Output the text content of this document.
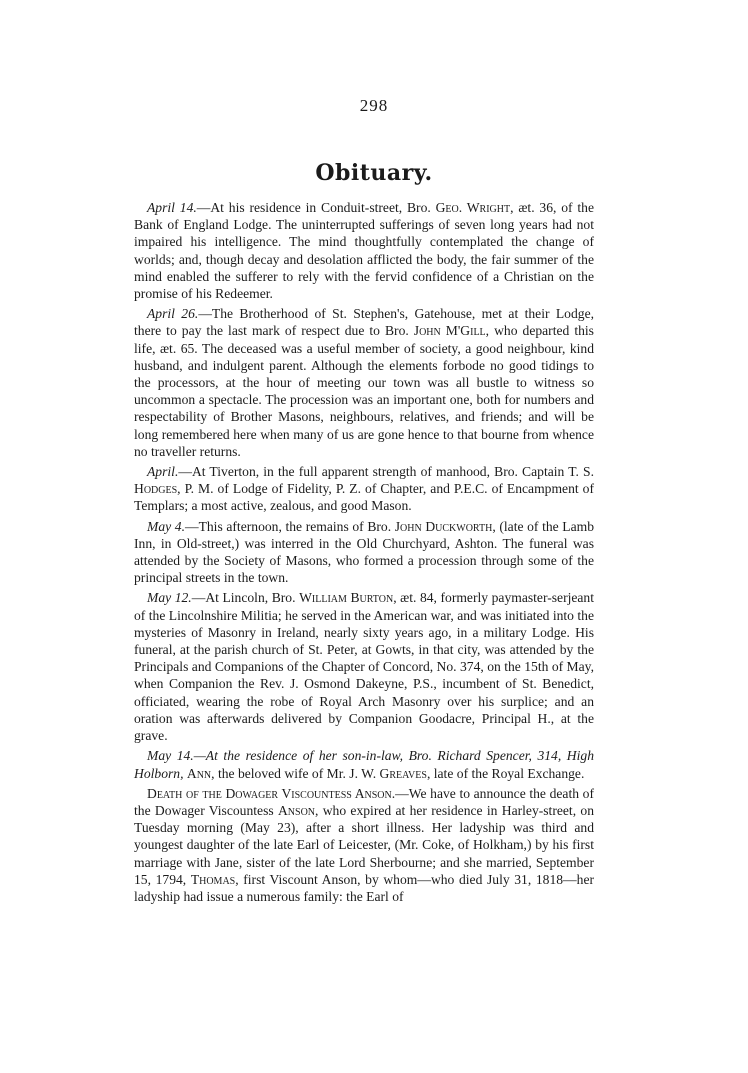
298
Obituary.

April 14.—At his residence in Conduit-street, Bro. Geo. Wright, æt. 36, of the Bank of England Lodge. The uninterrupted sufferings of seven long years had not impaired his intelligence. The mind thoughtfully contemplated the change of worlds; and, though decay and desolation afflicted the body, the fair summer of the mind enabled the sufferer to rely with the fervid confidence of a Christian on the promise of his Redeemer.

April 26.—The Brotherhood of St. Stephen's, Gatehouse, met at their Lodge, there to pay the last mark of respect due to Bro. John M'Gill, who departed this life, æt. 65. The deceased was a useful member of society, a good neighbour, kind husband, and indulgent parent. Although the elements forbode no good tidings to the processors, at the hour of meeting our town was all bustle to witness so uncommon a spectacle. The procession was an important one, both for numbers and respectability of Brother Masons, neighbours, relatives, and friends; and will be long remembered here when many of us are gone hence to that bourne from whence no traveller returns.

April.—At Tiverton, in the full apparent strength of manhood, Bro. Captain T. S. Hodges, P. M. of Lodge of Fidelity, P. Z. of Chapter, and P.E.C. of Encampment of Templars; a most active, zealous, and good Mason.

May 4.—This afternoon, the remains of Bro. John Duckworth, (late of the Lamb Inn, in Old-street,) was interred in the Old Churchyard, Ashton. The funeral was attended by the Society of Masons, who formed a procession through some of the principal streets in the town.

May 12.—At Lincoln, Bro. William Burton, æt. 84, formerly paymaster-serjeant of the Lincolnshire Militia; he served in the American war, and was initiated into the mysteries of Masonry in Ireland, nearly sixty years ago, in a military Lodge. His funeral, at the parish church of St. Peter, at Gowts, in that city, was attended by the Principals and Companions of the Chapter of Concord, No. 374, on the 15th of May, when Companion the Rev. J. Osmond Dakeyne, P.S., incumbent of St. Benedict, officiated, wearing the robe of Royal Arch Masonry over his surplice; and an oration was afterwards delivered by Companion Goodacre, Principal H., at the grave.

May 14.—At the residence of her son-in-law, Bro. Richard Spencer, 314, High Holborn, Ann, the beloved wife of Mr. J. W. Greaves, late of the Royal Exchange.

Death of the Dowager Viscountess Anson.—We have to announce the death of the Dowager Viscountess Anson, who expired at her residence in Harley-street, on Tuesday morning (May 23), after a short illness. Her ladyship was third and youngest daughter of the late Earl of Leicester, (Mr. Coke, of Holkham,) by his first marriage with Jane, sister of the late Lord Sherbourne; and she married, September 15, 1794, Thomas, first Viscount Anson, by whom—who died July 31, 1818—her ladyship had issue a numerous family: the Earl of
